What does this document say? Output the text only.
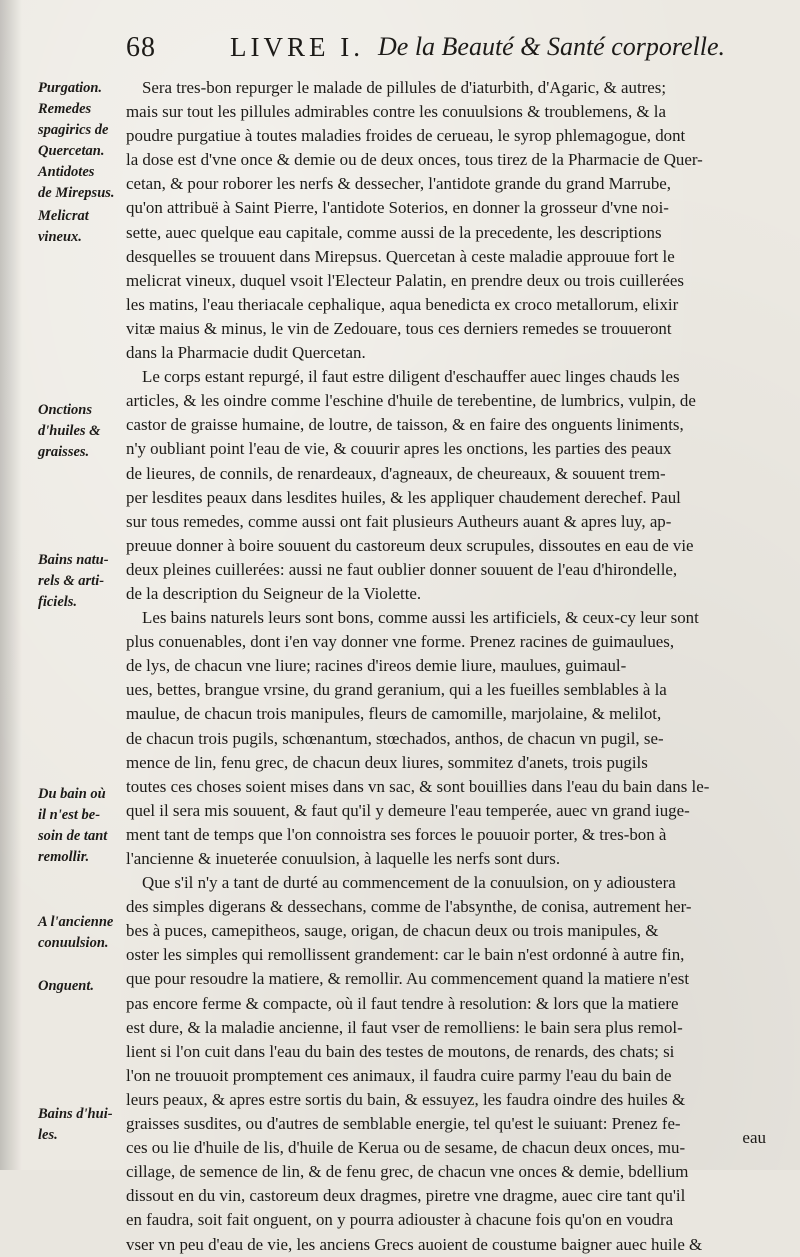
68	LIVRE I. De la Beauté & Santé corporelle.
Purgation.
Remedes
spagirics de
Quercetan.
Antidotes
de Mirepsus.
Melicrat
vineux.
Onctions
d'huiles &
graisses.
Bains natu-
rels & arti-
ficiels.
Du bain où
il n'est be-
soin de tant
remollir.
A l'ancienne
conuulsion.
Onguent.
Bains d'hui-
les.
Sera tres-bon repurger le malade de pillules de d'iaturbith, d'Agaric, & autres;
mais sur tout les pillules admirables contre les conuulsions & troublemens, & la
poudre purgatiue à toutes maladies froides de cerueau, le syrop phlemagogue, dont
la dose est d'vne once & demie ou de deux onces, tous tirez de la Pharmacie de Quer-
cetan, & pour roborer les nerfs & dessecher, l'antidote grande du grand Marrube,
qu'on attribuë à Saint Pierre, l'antidote Soterios, en donner la grosseur d'vne noi-
sette, auec quelque eau capitale, comme aussi de la precedente, les descriptions
desquelles se trouuent dans Mirepsus. Quercetan à ceste maladie approuue fort le
melicrat vineux, duquel vsoit l'Electeur Palatin, en prendre deux ou trois cuillerées
les matins, l'eau theriacale cephalique, aqua benedicta ex croco metallorum, elixir
vitæ maius & minus, le vin de Zedouare, tous ces derniers remedes se trouueront
dans la Pharmacie dudit Quercetan.
Le corps estant repurgé, il faut estre diligent d'eschauffer auec linges chauds les
articles, & les oindre comme l'eschine d'huile de terebentine, de lumbrics, vulpin, de
castor de graisse humaine, de loutre, de taisson, & en faire des onguents liniments,
n'y oubliant point l'eau de vie, & couurir apres les onctions, les parties des peaux
de lieures, de connils, de renardeaux, d'agneaux, de cheureaux, & souuent trem-
per lesdites peaux dans lesdites huiles, & les appliquer chaudement derechef. Paul
sur tous remedes, comme aussi ont fait plusieurs Autheurs auant & apres luy, ap-
preuue donner à boire souuent du castoreum deux scrupules, dissoutes en eau de vie
deux pleines cuillerées: aussi ne faut oublier donner souuent de l'eau d'hirondelle,
de la description du Seigneur de la Violette.
Les bains naturels leurs sont bons, comme aussi les artificiels, & ceux-cy leur sont
plus conuenables, dont i'en vay donner vne forme. Prenez racines de guimaulues,
de lys, de chacun vne liure; racines d'ireos demie liure, maulues, guimaul-
ues, bettes, brangue vrsine, du grand geranium, qui a les fueilles semblables à la
maulue, de chacun trois manipules, fleurs de camomille, marjolaine, & melilot,
de chacun trois pugils, schœnantum, stœchados, anthos, de chacun vn pugil, se-
mence de lin, fenu grec, de chacun deux liures, sommitez d'anets, trois pugils
toutes ces choses soient mises dans vn sac, & sont bouillies dans l'eau du bain dans le-
quel il sera mis souuent, & faut qu'il y demeure l'eau temperée, auec vn grand iuge-
ment tant de temps que l'on connoistra ses forces le pouuoir porter, & tres-bon à
l'ancienne & inueterée conuulsion, à laquelle les nerfs sont durs.
Que s'il n'y a tant de durté au commencement de la conuulsion, on y adioustera
des simples digerans & dessechans, comme de l'absynthe, de conisa, autrement her-
bes à puces, camepitheos, sauge, origan, de chacun deux ou trois manipules, &
oster les simples qui remollissent grandement: car le bain n'est ordonné à autre fin,
que pour resoudre la matiere, & remollir. Au commencement quand la matiere n'est
pas encore ferme & compacte, où il faut tendre à resolution: & lors que la matiere
est dure, & la maladie ancienne, il faut vser de remolliens: le bain sera plus remol-
lient si l'on cuit dans l'eau du bain des testes de moutons, de renards, des chats; si
l'on ne trouuoit promptement ces animaux, il faudra cuire parmy l'eau du bain de
leurs peaux, & apres estre sortis du bain, & essuyez, les faudra oindre des huiles &
graisses susdites, ou d'autres de semblable energie, tel qu'est le suiuant: Prenez fe-
ces ou lie d'huile de lis, d'huile de Kerua ou de sesame, de chacun deux onces, mu-
cillage, de semence de lin, & de fenu grec, de chacun vne onces & demie, bdellium
dissout en du vin, castoreum deux dragmes, piretre vne dragme, auec cire tant qu'il
en faudra, soit fait onguent, on y pourra adiouster à chacune fois qu'on en voudra
vser vn peu d'eau de vie, les anciens Grecs auoient de coustume baigner auec huile &
eau
